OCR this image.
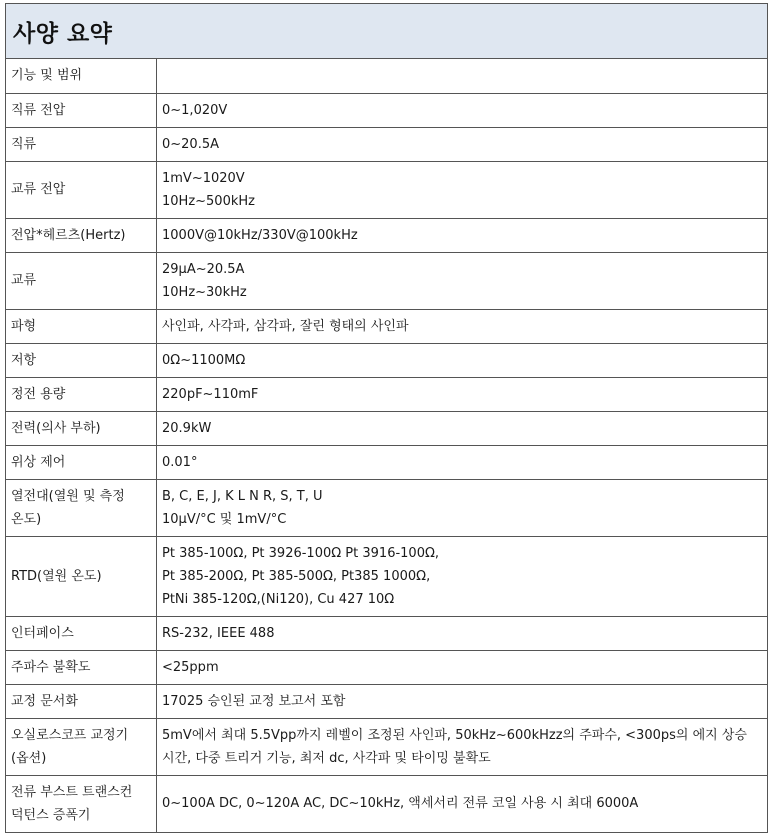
사양 요약
기능 및 범위	

직류 전압	0~1,020V

직류	0~20.5A

교류 전압	1mV~1020V
10Hz~500kHz

전압*헤르츠(Hertz)	1000V@10kHz/330V@100kHz

교류	29µA~20.5A
10Hz~30kHz

파형	사인파, 사각파, 삼각파, 잘린 형태의 사인파

저항	0Ω~1100MΩ

정전 용량	220pF~110mF

전력(의사 부하)	20.9kW

위상 제어	0.01°

열전대(열원 및 측정
온도)	B, C, E, J, K L N R, S, T, U
10µV/°C 및 1mV/°C

RTD(열원 온도)	Pt 385-100Ω, Pt 3926-100Ω Pt 3916-100Ω,
Pt 385-200Ω, Pt 385-500Ω, Pt385 1000Ω,
PtNi 385-120Ω,(Ni120), Cu 427 10Ω

인터페이스	RS-232, IEEE 488

주파수 불확도	<25ppm

교정 문서화	17025 승인된 교정 보고서 포함

오실로스코프 교정기
(옵션)	5mV에서 최대 5.5Vpp까지 레벨이 조정된 사인파, 50kHz~600kHzz의 주파수, <300ps의 에지 상승
시간, 다중 트리거 기능, 최저 dc, 사각파 및 타이밍 불확도

전류 부스트 트랜스컨
덕턴스 증폭기	0~100A DC, 0~120A AC, DC~10kHz, 액세서리 전류 코일 사용 시 최대 6000A
